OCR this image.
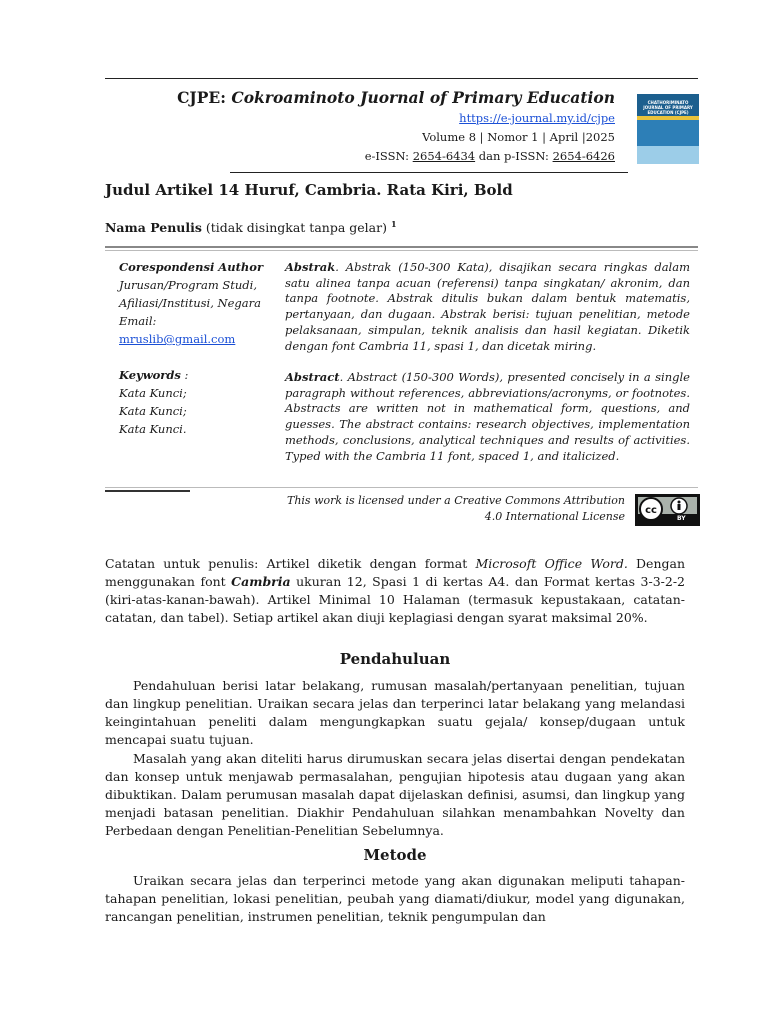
CJPE: Cokroaminoto Juornal of Primary Education
https://e-journal.my.id/cjpe
Volume 8 | Nomor 1 | April |2025
e-ISSN: 2654-6434 dan p-ISSN: 2654-6426
CHATHORIMINATO JOURNAL OF PRIMARY EDUCATION (CJPE)
Judul Artikel 14 Huruf, Cambria. Rata Kiri, Bold
Nama Penulis (tidak disingkat tanpa gelar) $^1$
Corespondensi Author
Jurusan/Program Studi,
Afiliasi/Institusi, Negara
Email:
mruslib@gmail.com
Keywords :
Kata Kunci;
Kata Kunci;
Kata Kunci.
Abstrak. Abstrak (150-300 Kata), disajikan secara ringkas dalam satu alinea tanpa acuan (referensi) tanpa singkatan/ akronim, dan tanpa footnote. Abstrak ditulis bukan dalam bentuk matematis, pertanyaan, dan dugaan. Abstrak berisi: tujuan penelitian, metode pelaksanaan, simpulan, teknik analisis dan hasil kegiatan. Diketik dengan font Cambria 11, spasi 1, dan dicetak miring.
Abstract. Abstract (150-300 Words), presented concisely in a single paragraph without references, abbreviations/acronyms, or footnotes. Abstracts are written not in mathematical form, questions, and guesses. The abstract contains: research objectives, implementation methods, conclusions, analytical techniques and results of activities. Typed with the Cambria 11 font, spaced 1, and italicized.
This work is licensed under a Creative Commons Attribution
4.0 International License cc
BY
Catatan untuk penulis: Artikel diketik dengan format Microsoft Office Word. Dengan menggunakan font Cambria ukuran 12, Spasi 1 di kertas A4. dan Format kertas 3-3-2-2 (kiri-atas-kanan-bawah). Artikel Minimal 10 Halaman (termasuk kepustakaan, catatan-catatan, dan tabel). Setiap artikel akan diuji keplagiasi dengan syarat maksimal 20%.
Pendahuluan
Pendahuluan berisi latar belakang, rumusan masalah/pertanyaan penelitian, tujuan dan lingkup penelitian. Uraikan secara jelas dan terperinci latar belakang yang melandasi keingintahuan peneliti dalam mengungkapkan suatu gejala/ konsep/dugaan untuk mencapai suatu tujuan.
Masalah yang akan diteliti harus dirumuskan secara jelas disertai dengan pendekatan dan konsep untuk menjawab permasalahan, pengujian hipotesis atau dugaan yang akan dibuktikan. Dalam perumusan masalah dapat dijelaskan definisi, asumsi, dan lingkup yang menjadi batasan penelitian. Diakhir Pendahuluan silahkan menambahkan Novelty dan Perbedaan dengan Penelitian-Penelitian Sebelumnya.
Metode
Uraikan secara jelas dan terperinci metode yang akan digunakan meliputi tahapan-tahapan penelitian, lokasi penelitian, peubah yang diamati/diukur, model yang digunakan, rancangan penelitian, instrumen penelitian, teknik pengumpulan dan
